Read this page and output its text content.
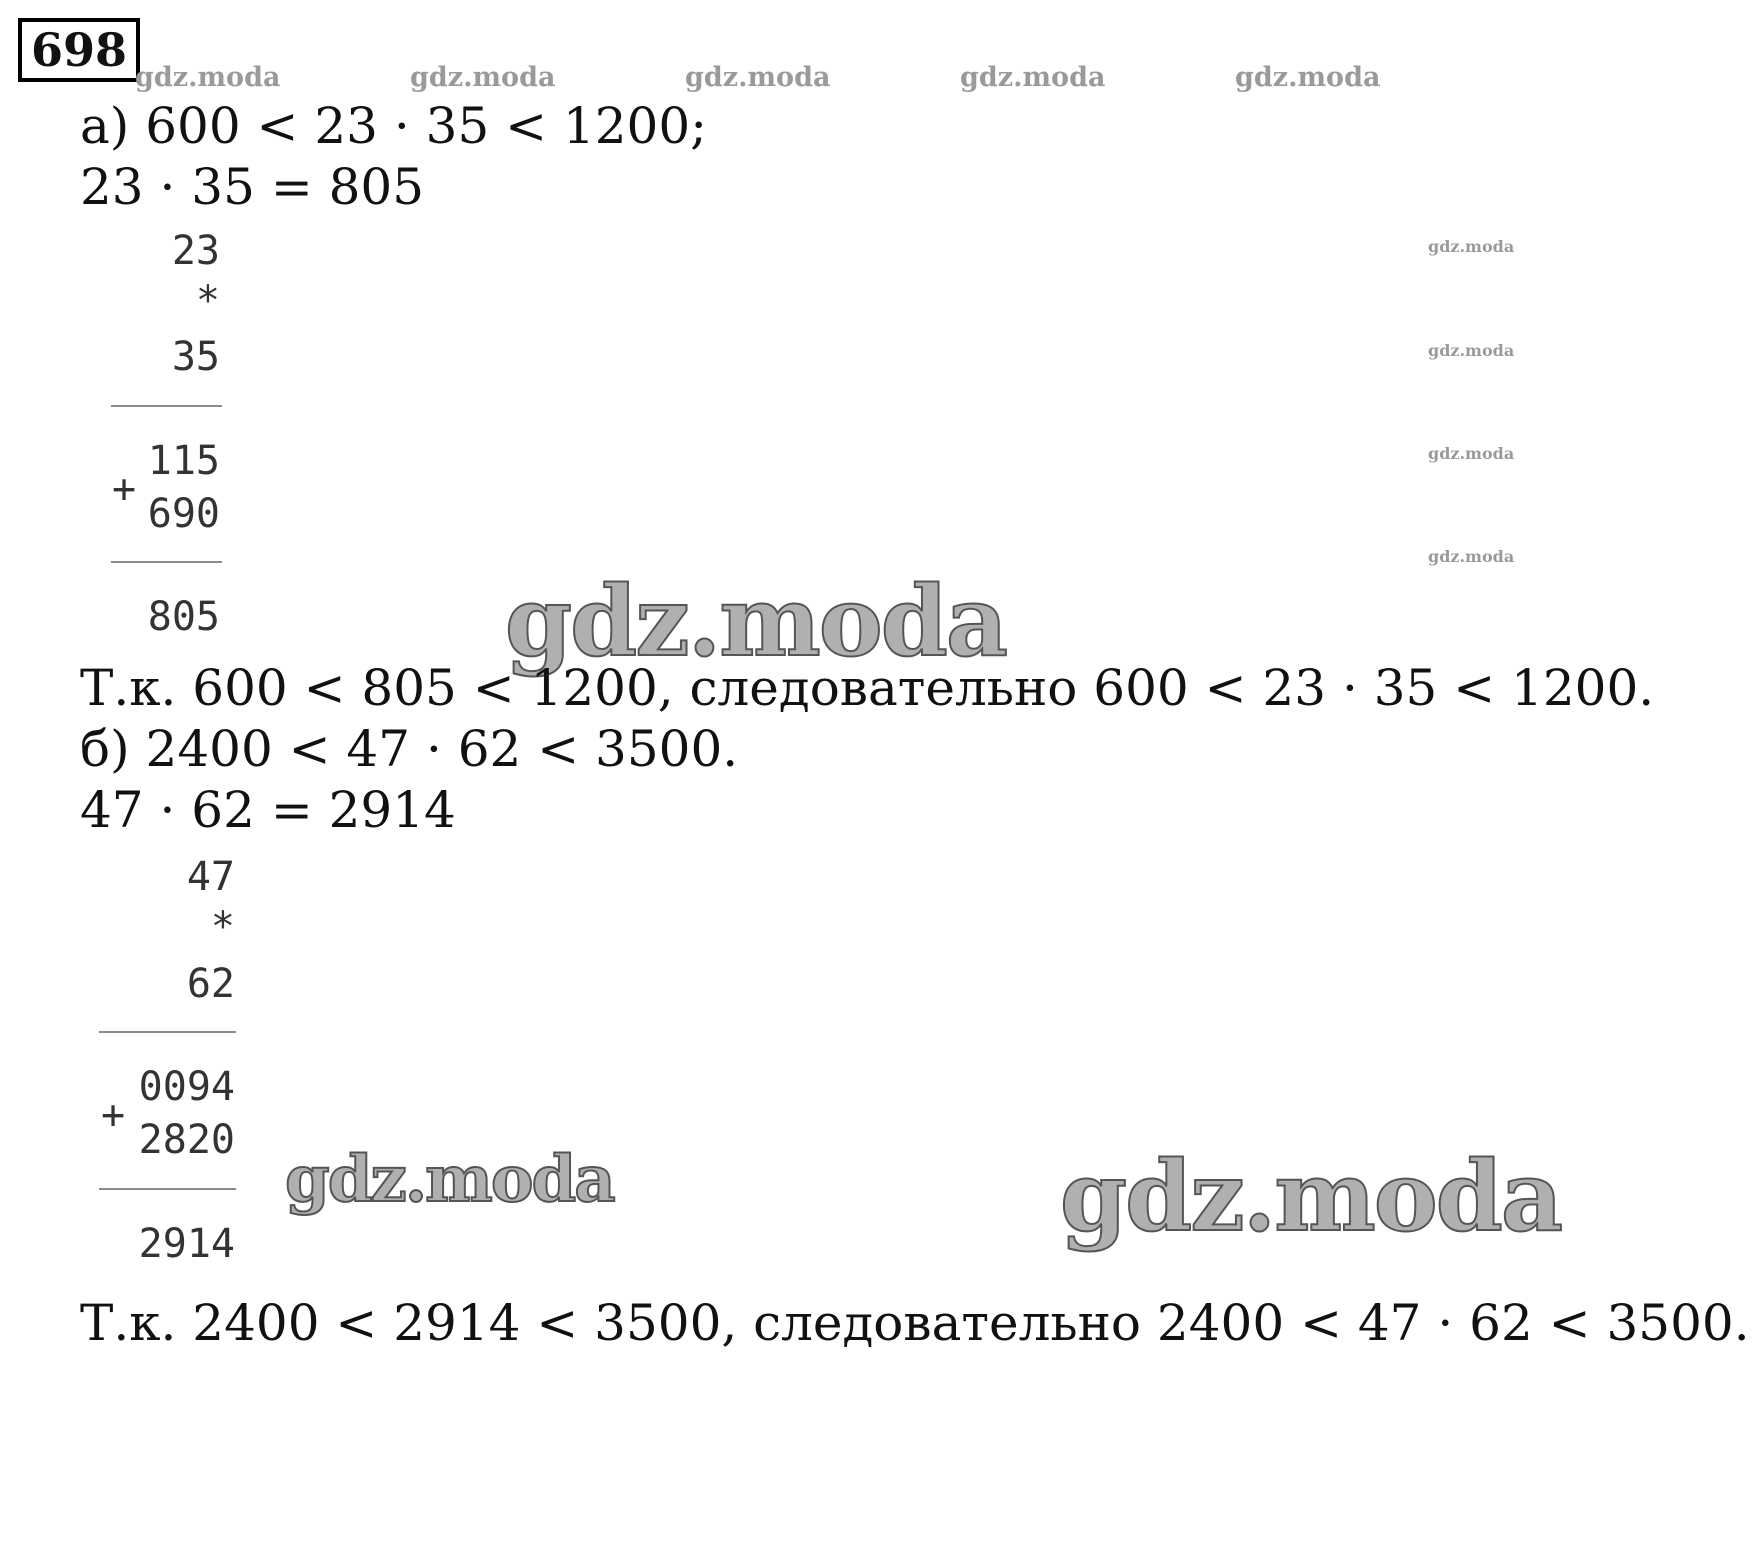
698
gdz.moda	gdz.moda	gdz.moda	gdz.moda	gdz.moda
gdz.moda
gdz.moda
gdz.moda
gdz.moda
а) 600 < 23 · 35 < 1200;
23 · 35 = 805
23
*
35
115
+
690
805	gdz.moda
Т.к. 600 < 805 < 1200, следовательно 600 < 23 · 35 < 1200.
б) 2400 < 47 · 62 < 3500.
47 · 62 = 2914
47
*
62
0094
+
2820
2914
gdz.moda	gdz.moda
Т.к. 2400 < 2914 < 3500, следовательно 2400 < 47 · 62 < 3500.
